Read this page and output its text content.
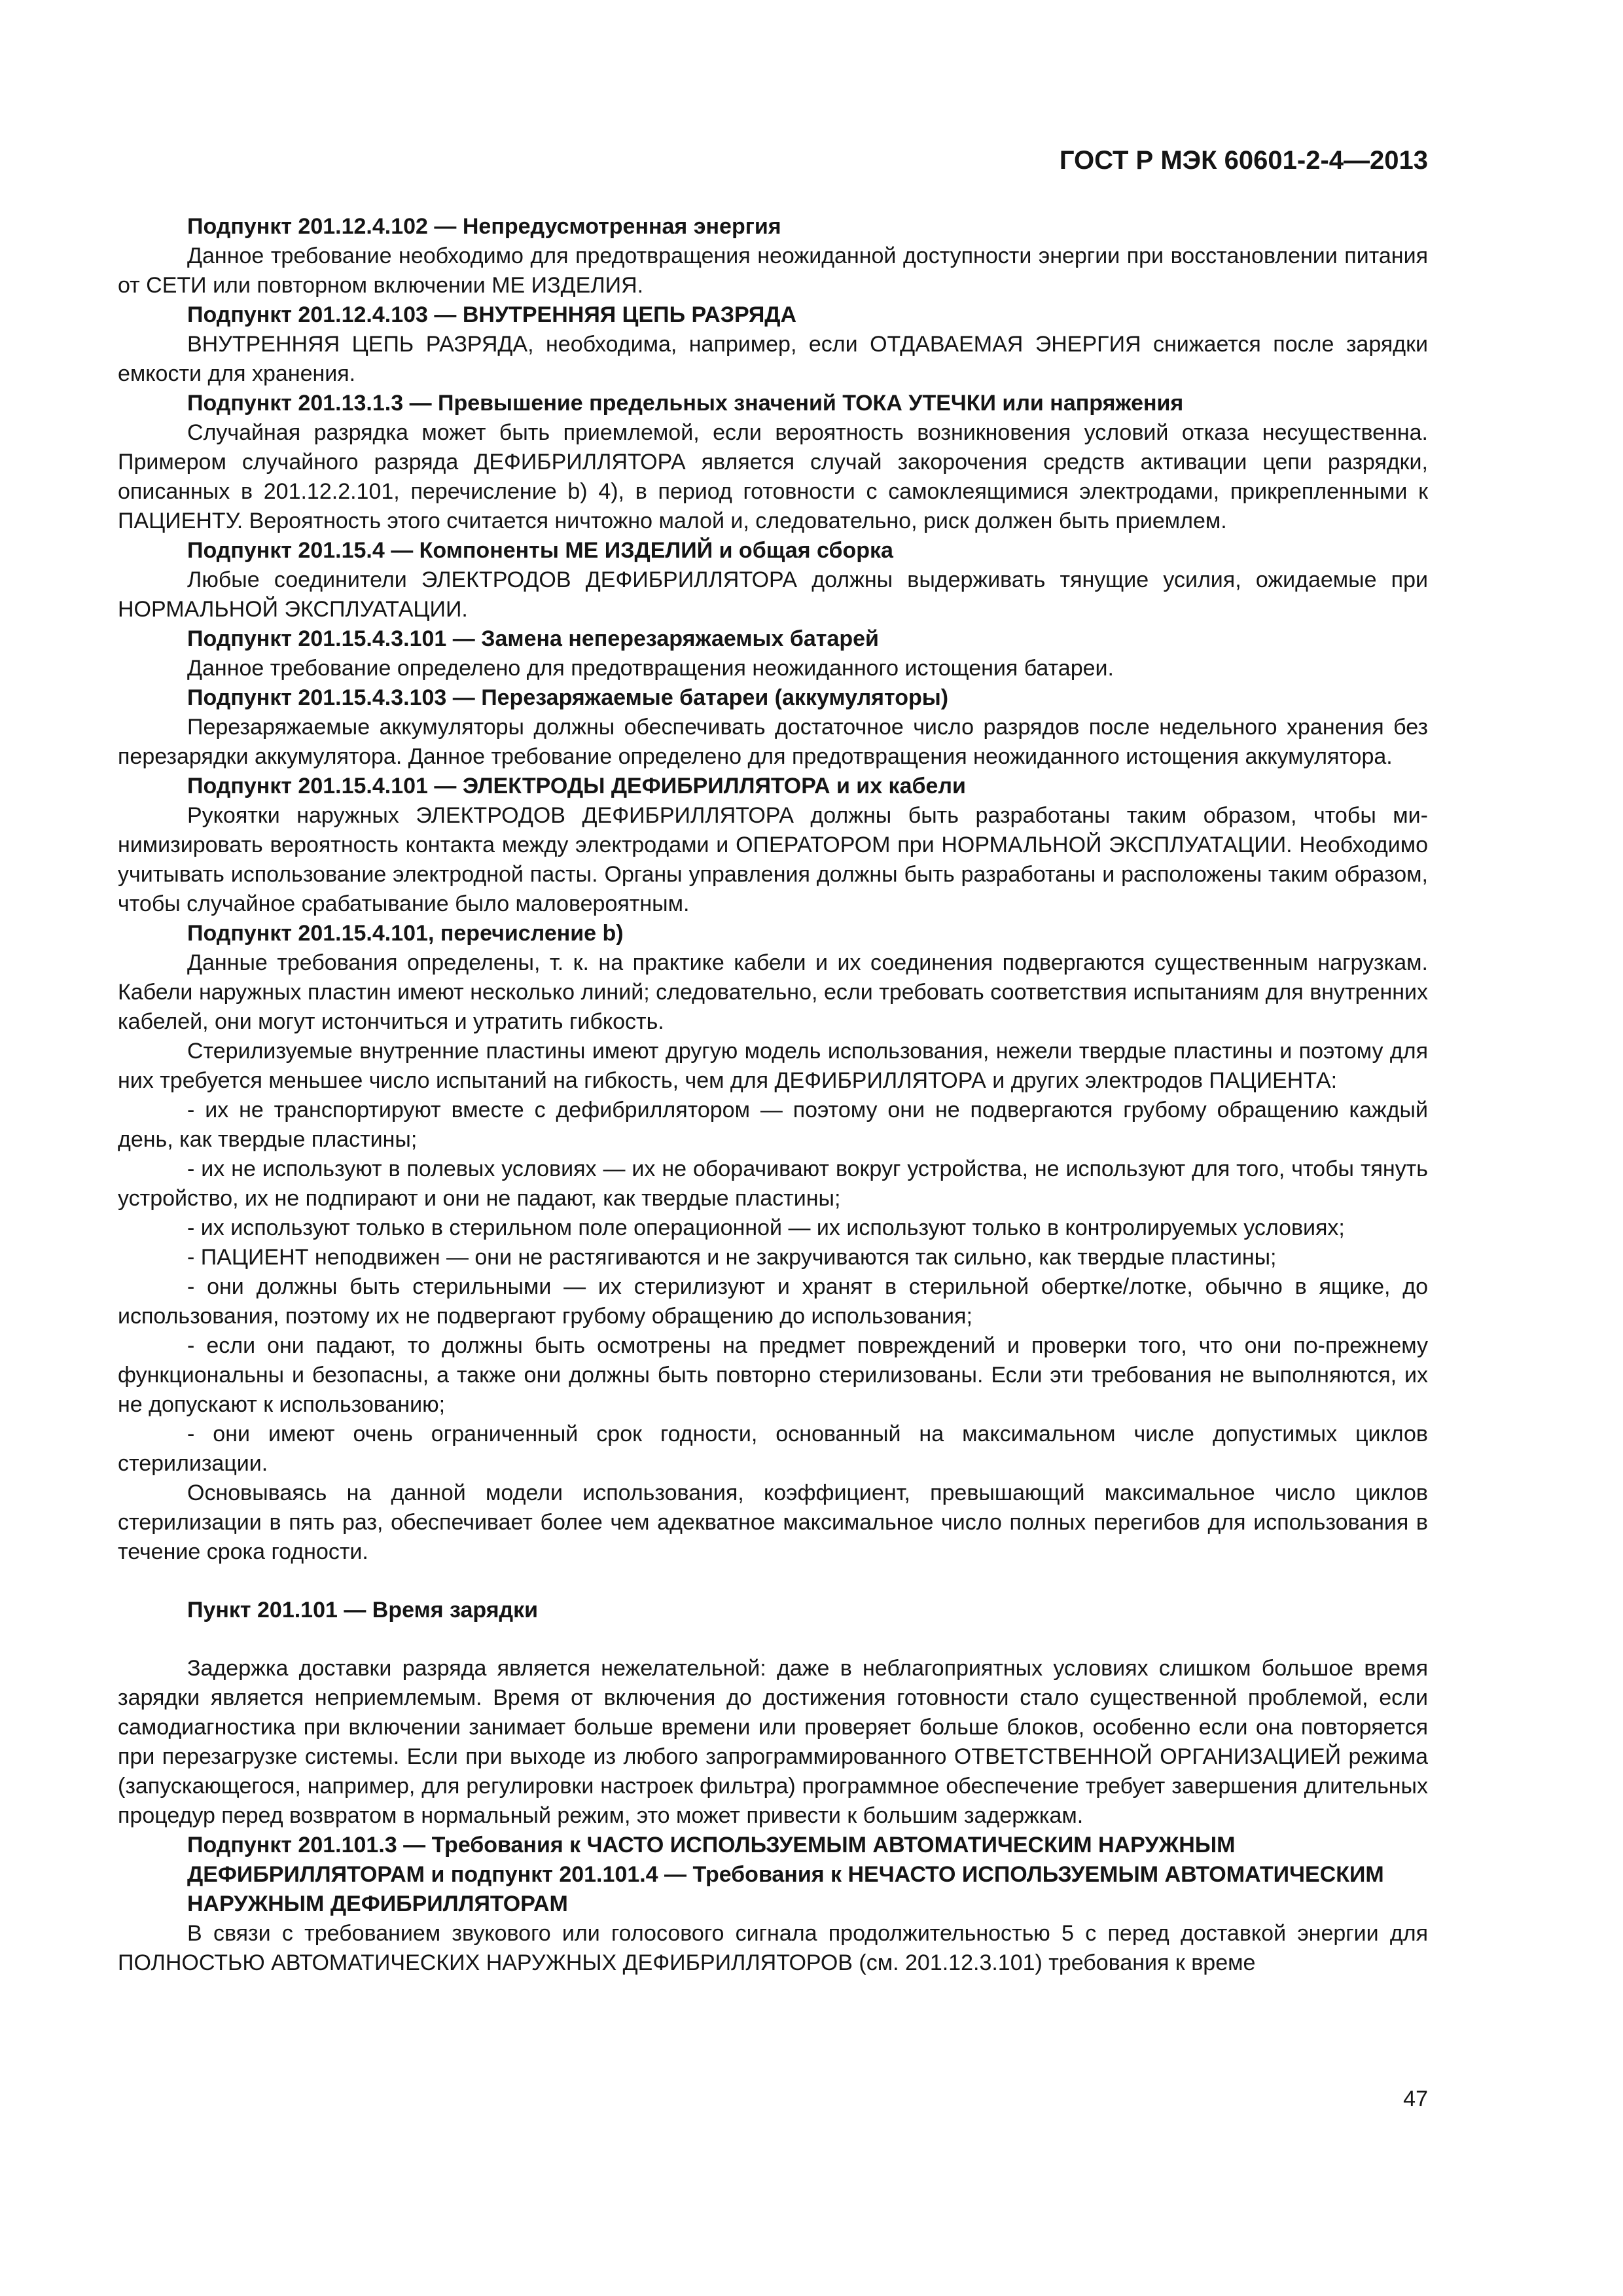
ГОСТ Р МЭК 60601-2-4—2013
Подпункт 201.12.4.102 — Непредусмотренная энергия
Данное требование необходимо для предотвращения неожиданной доступности энергии при восстановлении питания от СЕТИ или повторном включении МЕ ИЗДЕЛИЯ.
Подпункт 201.12.4.103 — ВНУТРЕННЯЯ ЦЕПЬ РАЗРЯДА
ВНУТРЕННЯЯ ЦЕПЬ РАЗРЯДА, необходима, например, если ОТДАВАЕМАЯ ЭНЕРГИЯ снижается после зарядки емкости для хранения.
Подпункт 201.13.1.3 — Превышение предельных значений ТОКА УТЕЧКИ или напряжения
Случайная разрядка может быть приемлемой, если вероятность возникновения условий отказа несущественна. Примером случайного разряда ДЕФИБРИЛЛЯТОРА является случай закорочения средств активации цепи разрядки, описанных в 201.12.2.101, перечисление b) 4), в период готовности с самоклеящимися электродами, прикрепленными к ПАЦИЕНТУ. Вероятность этого считается ничтожно малой и, следовательно, риск должен быть приемлем.
Подпункт 201.15.4 — Компоненты МЕ ИЗДЕЛИЙ и общая сборка
Любые соединители ЭЛЕКТРОДОВ ДЕФИБРИЛЛЯТОРА должны выдерживать тянущие усилия, ожидаемые при НОРМАЛЬНОЙ ЭКСПЛУАТАЦИИ.
Подпункт 201.15.4.3.101 — Замена неперезаряжаемых батарей
Данное требование определено для предотвращения неожиданного истощения батареи.
Подпункт 201.15.4.3.103 — Перезаряжаемые батареи (аккумуляторы)
Перезаряжаемые аккумуляторы должны обеспечивать достаточное число разрядов после недельного хранения без перезарядки аккумулятора. Данное требование определено для предотвращения неожиданного истощения аккумулятора.
Подпункт 201.15.4.101 — ЭЛЕКТРОДЫ ДЕФИБРИЛЛЯТОРА и их кабели
Рукоятки наружных ЭЛЕКТРОДОВ ДЕФИБРИЛЛЯТОРА должны быть разработаны таким образом, чтобы минимизировать вероятность контакта между электродами и ОПЕРАТОРОМ при НОРМАЛЬНОЙ ЭКСПЛУАТАЦИИ. Необходимо учитывать использование электродной пасты. Органы управления должны быть разработаны и расположены таким образом, чтобы случайное срабатывание было маловероятным.
Подпункт 201.15.4.101, перечисление b)
Данные требования определены, т. к. на практике кабели и их соединения подвергаются существенным нагрузкам. Кабели наружных пластин имеют несколько линий; следовательно, если требовать соответствия испытаниям для внутренних кабелей, они могут истончиться и утратить гибкость.
Стерилизуемые внутренние пластины имеют другую модель использования, нежели твердые пластины и поэтому для них требуется меньшее число испытаний на гибкость, чем для ДЕФИБРИЛЛЯТОРА и других электродов ПАЦИЕНТА:
- их не транспортируют вместе с дефибриллятором — поэтому они не подвергаются грубому обращению каждый день, как твердые пластины;
- их не используют в полевых условиях — их не оборачивают вокруг устройства, не используют для того, чтобы тянуть устройство, их не подпирают и они не падают, как твердые пластины;
- их используют только в стерильном поле операционной — их используют только в контролируемых условиях;
- ПАЦИЕНТ неподвижен — они не растягиваются и не закручиваются так сильно, как твердые пластины;
- они должны быть стерильными — их стерилизуют и хранят в стерильной обертке/лотке, обычно в ящике, до использования, поэтому их не подвергают грубому обращению до использования;
- если они падают, то должны быть осмотрены на предмет повреждений и проверки того, что они по-прежнему функциональны и безопасны, а также они должны быть повторно стерилизованы. Если эти требования не выполняются, их не допускают к использованию;
- они имеют очень ограниченный срок годности, основанный на максимальном числе допустимых циклов стерилизации.
Основываясь на данной модели использования, коэффициент, превышающий максимальное число циклов стерилизации в пять раз, обеспечивает более чем адекватное максимальное число полных перегибов для использования в течение срока годности.
Пункт 201.101 — Время зарядки
Задержка доставки разряда является нежелательной: даже в неблагоприятных условиях слишком большое время зарядки является неприемлемым. Время от включения до достижения готовности стало существенной проблемой, если самодиагностика при включении занимает больше времени или проверяет больше блоков, особенно если она повторяется при перезагрузке системы. Если при выходе из любого запрограммированного ОТВЕТСТВЕННОЙ ОРГАНИЗАЦИЕЙ режима (запускающегося, например, для регулировки настроек фильтра) программное обеспечение требует завершения длительных процедур перед возвратом в нормальный режим, это может привести к большим задержкам.
Подпункт 201.101.3 — Требования к ЧАСТО ИСПОЛЬЗУЕМЫМ АВТОМАТИЧЕСКИМ НАРУЖНЫМ ДЕФИБРИЛЛЯТОРАМ и подпункт 201.101.4 — Требования к НЕЧАСТО ИСПОЛЬЗУЕМЫМ АВТОМАТИЧЕСКИМ НАРУЖНЫМ ДЕФИБРИЛЛЯТОРАМ
В связи с требованием звукового или голосового сигнала продолжительностью 5 с перед доставкой энергии для ПОЛНОСТЬЮ АВТОМАТИЧЕСКИХ НАРУЖНЫХ ДЕФИБРИЛЛЯТОРОВ (см. 201.12.3.101) требования к време
47
